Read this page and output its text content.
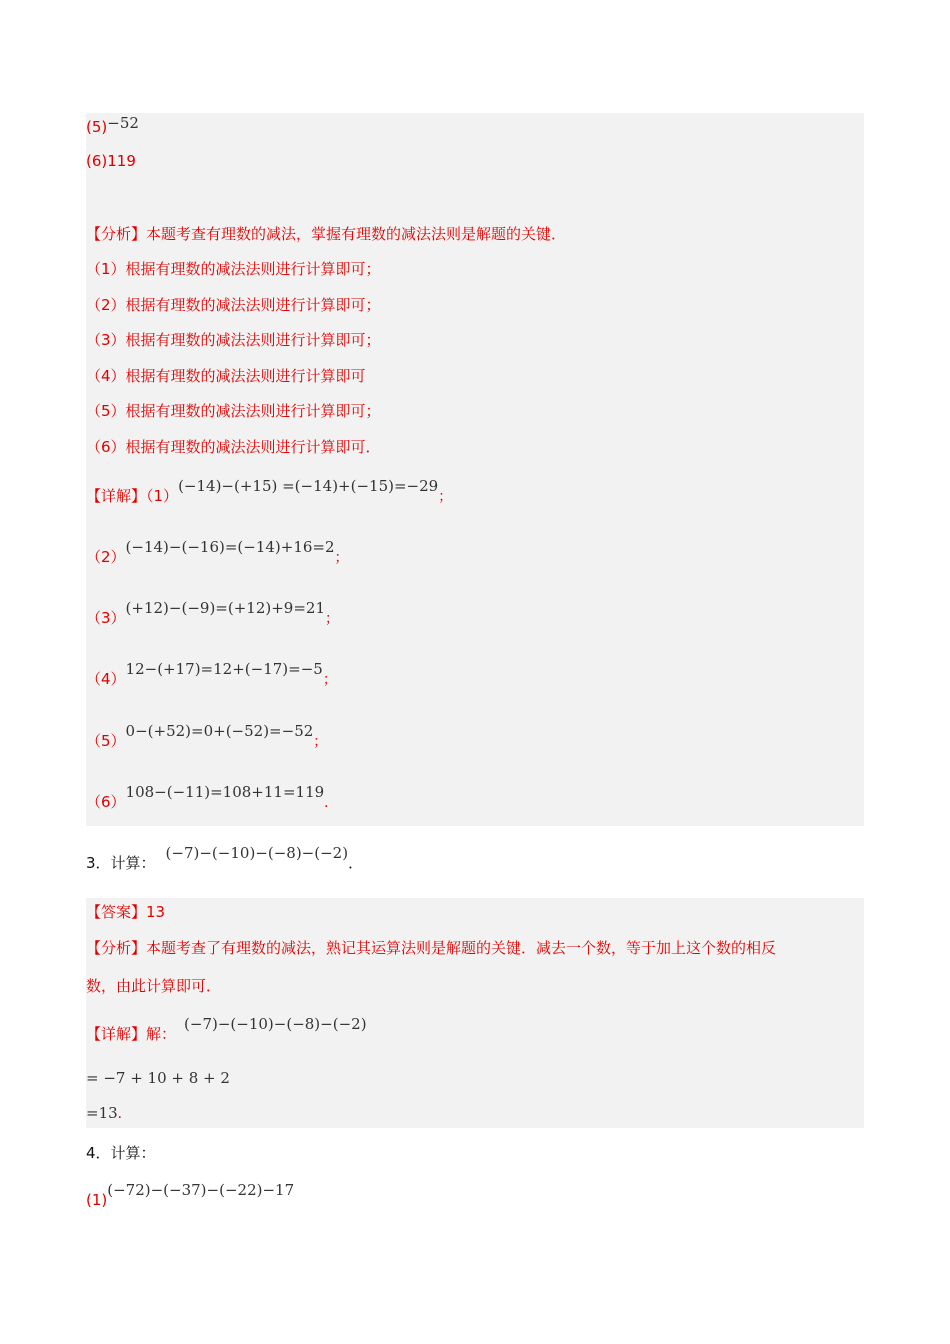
(5)−52
(6)119
【分析】本题考查有理数的减法，掌握有理数的减法法则是解题的关键．
（1）根据有理数的减法法则进行计算即可；
（2）根据有理数的减法法则进行计算即可；
（3）根据有理数的减法法则进行计算即可；
（4）根据有理数的减法法则进行计算即可
（5）根据有理数的减法法则进行计算即可；
（6）根据有理数的减法法则进行计算即可．
【详解】（1）(−14)−(+15) =(−14)+(−15)=−29；
（2）(−14)−(−16)=(−14)+16=2；
（3）(+12)−(−9)=(+12)+9=21；
（4）12−(+17)=12+(−17)=−5；
（5）0−(+52)=0+(−52)=−52；
（6）108−(−11)=108+11=119．
3．计算：(−7)−(−10)−(−8)−(−2)．
【答案】13
【分析】本题考查了有理数的减法，熟记其运算法则是解题的关键．减去一个数，等于加上这个数的相反
数，由此计算即可．
【详解】解：(−7)−(−10)−(−8)−(−2)
= −7 + 10 + 8 + 2
=13．
4．计算：
(1)(−72)−(−37)−(−22)−17
